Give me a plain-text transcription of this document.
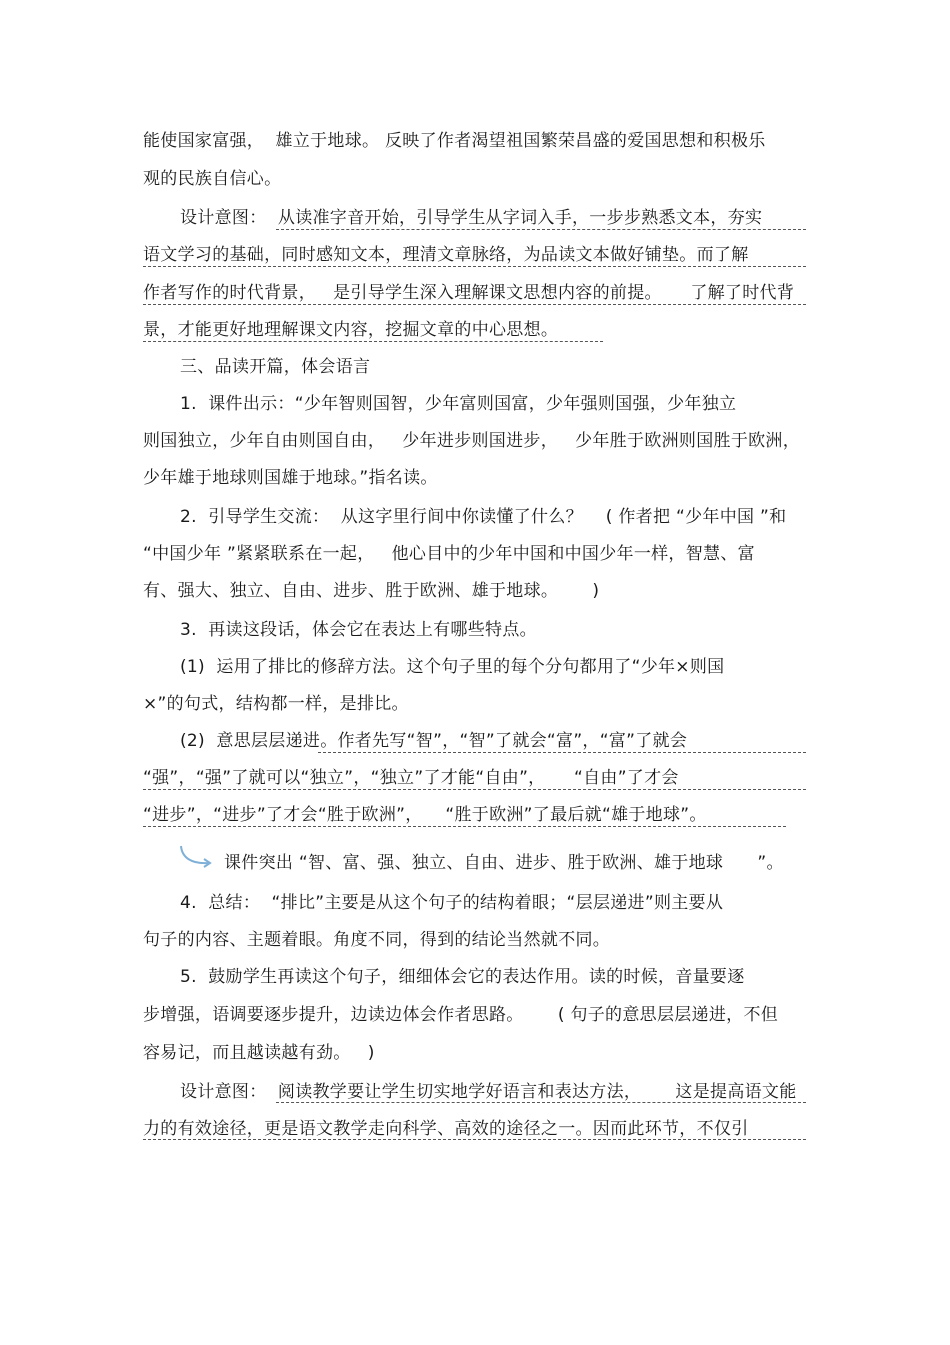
能使国家富强，  雄立于地球。 反映了作者渴望祖国繁荣昌盛的爱国思想和积极乐
观的民族自信心。
设计意图：  从读准字音开始，引导学生从字词入手，一步步熟悉文本，夯实
语文学习的基础，同时感知文本，理清文章脉络，为品读文本做好铺垫。而了解
作者写作的时代背景，   是引导学生深入理解课文思想内容的前提。     了解了时代背
景，才能更好地理解课文内容，挖掘文章的中心思想。
三、品读开篇，体会语言
1.  课件出示：“少年智则国智，少年富则国富，少年强则国强，少年独立
则国独立，少年自由则国自由，   少年进步则国进步，   少年胜于欧洲则国胜于欧洲，
少年雄于地球则国雄于地球。”指名读。
2.  引导学生交流：  从这字里行间中你读懂了什么？    ( 作者把 “少年中国 ”和
“中国少年 ”紧紧联系在一起，   他心目中的少年中国和中国少年一样，智慧、富
有、强大、独立、自由、进步、胜于欧洲、雄于地球。      )
3.  再读这段话，体会它在表达上有哪些特点。
(1)  运用了排比的修辞方法。这个句子里的每个分句都用了“少年×则国
×”的句式，结构都一样，是排比。
(2)  意思层层递进。作者先写“智”，“智”了就会“富”，“富”了就会
“强”，“强”了就可以“独立”，“独立”了才能“自由”，     “自由”了才会
“进步”，“进步”了才会“胜于欧洲”，    “胜于欧洲”了最后就“雄于地球”。
课件突出 “智、富、强、独立、自由、进步、胜于欧洲、雄于地球      ”。
4.  总结：  “排比”主要是从这个句子的结构着眼；“层层递进”则主要从
句子的内容、主题着眼。角度不同，得到的结论当然就不同。
5.  鼓励学生再读这个句子，细细体会它的表达作用。读的时候，音量要逐
步增强，语调要逐步提升，边读边体会作者思路。      ( 句子的意思层层递进，不但
容易记，而且越读越有劲。   )
设计意图：  阅读教学要让学生切实地学好语言和表达方法，      这是提高语文能
力的有效途径，更是语文教学走向科学、高效的途径之一。因而此环节，不仅引
